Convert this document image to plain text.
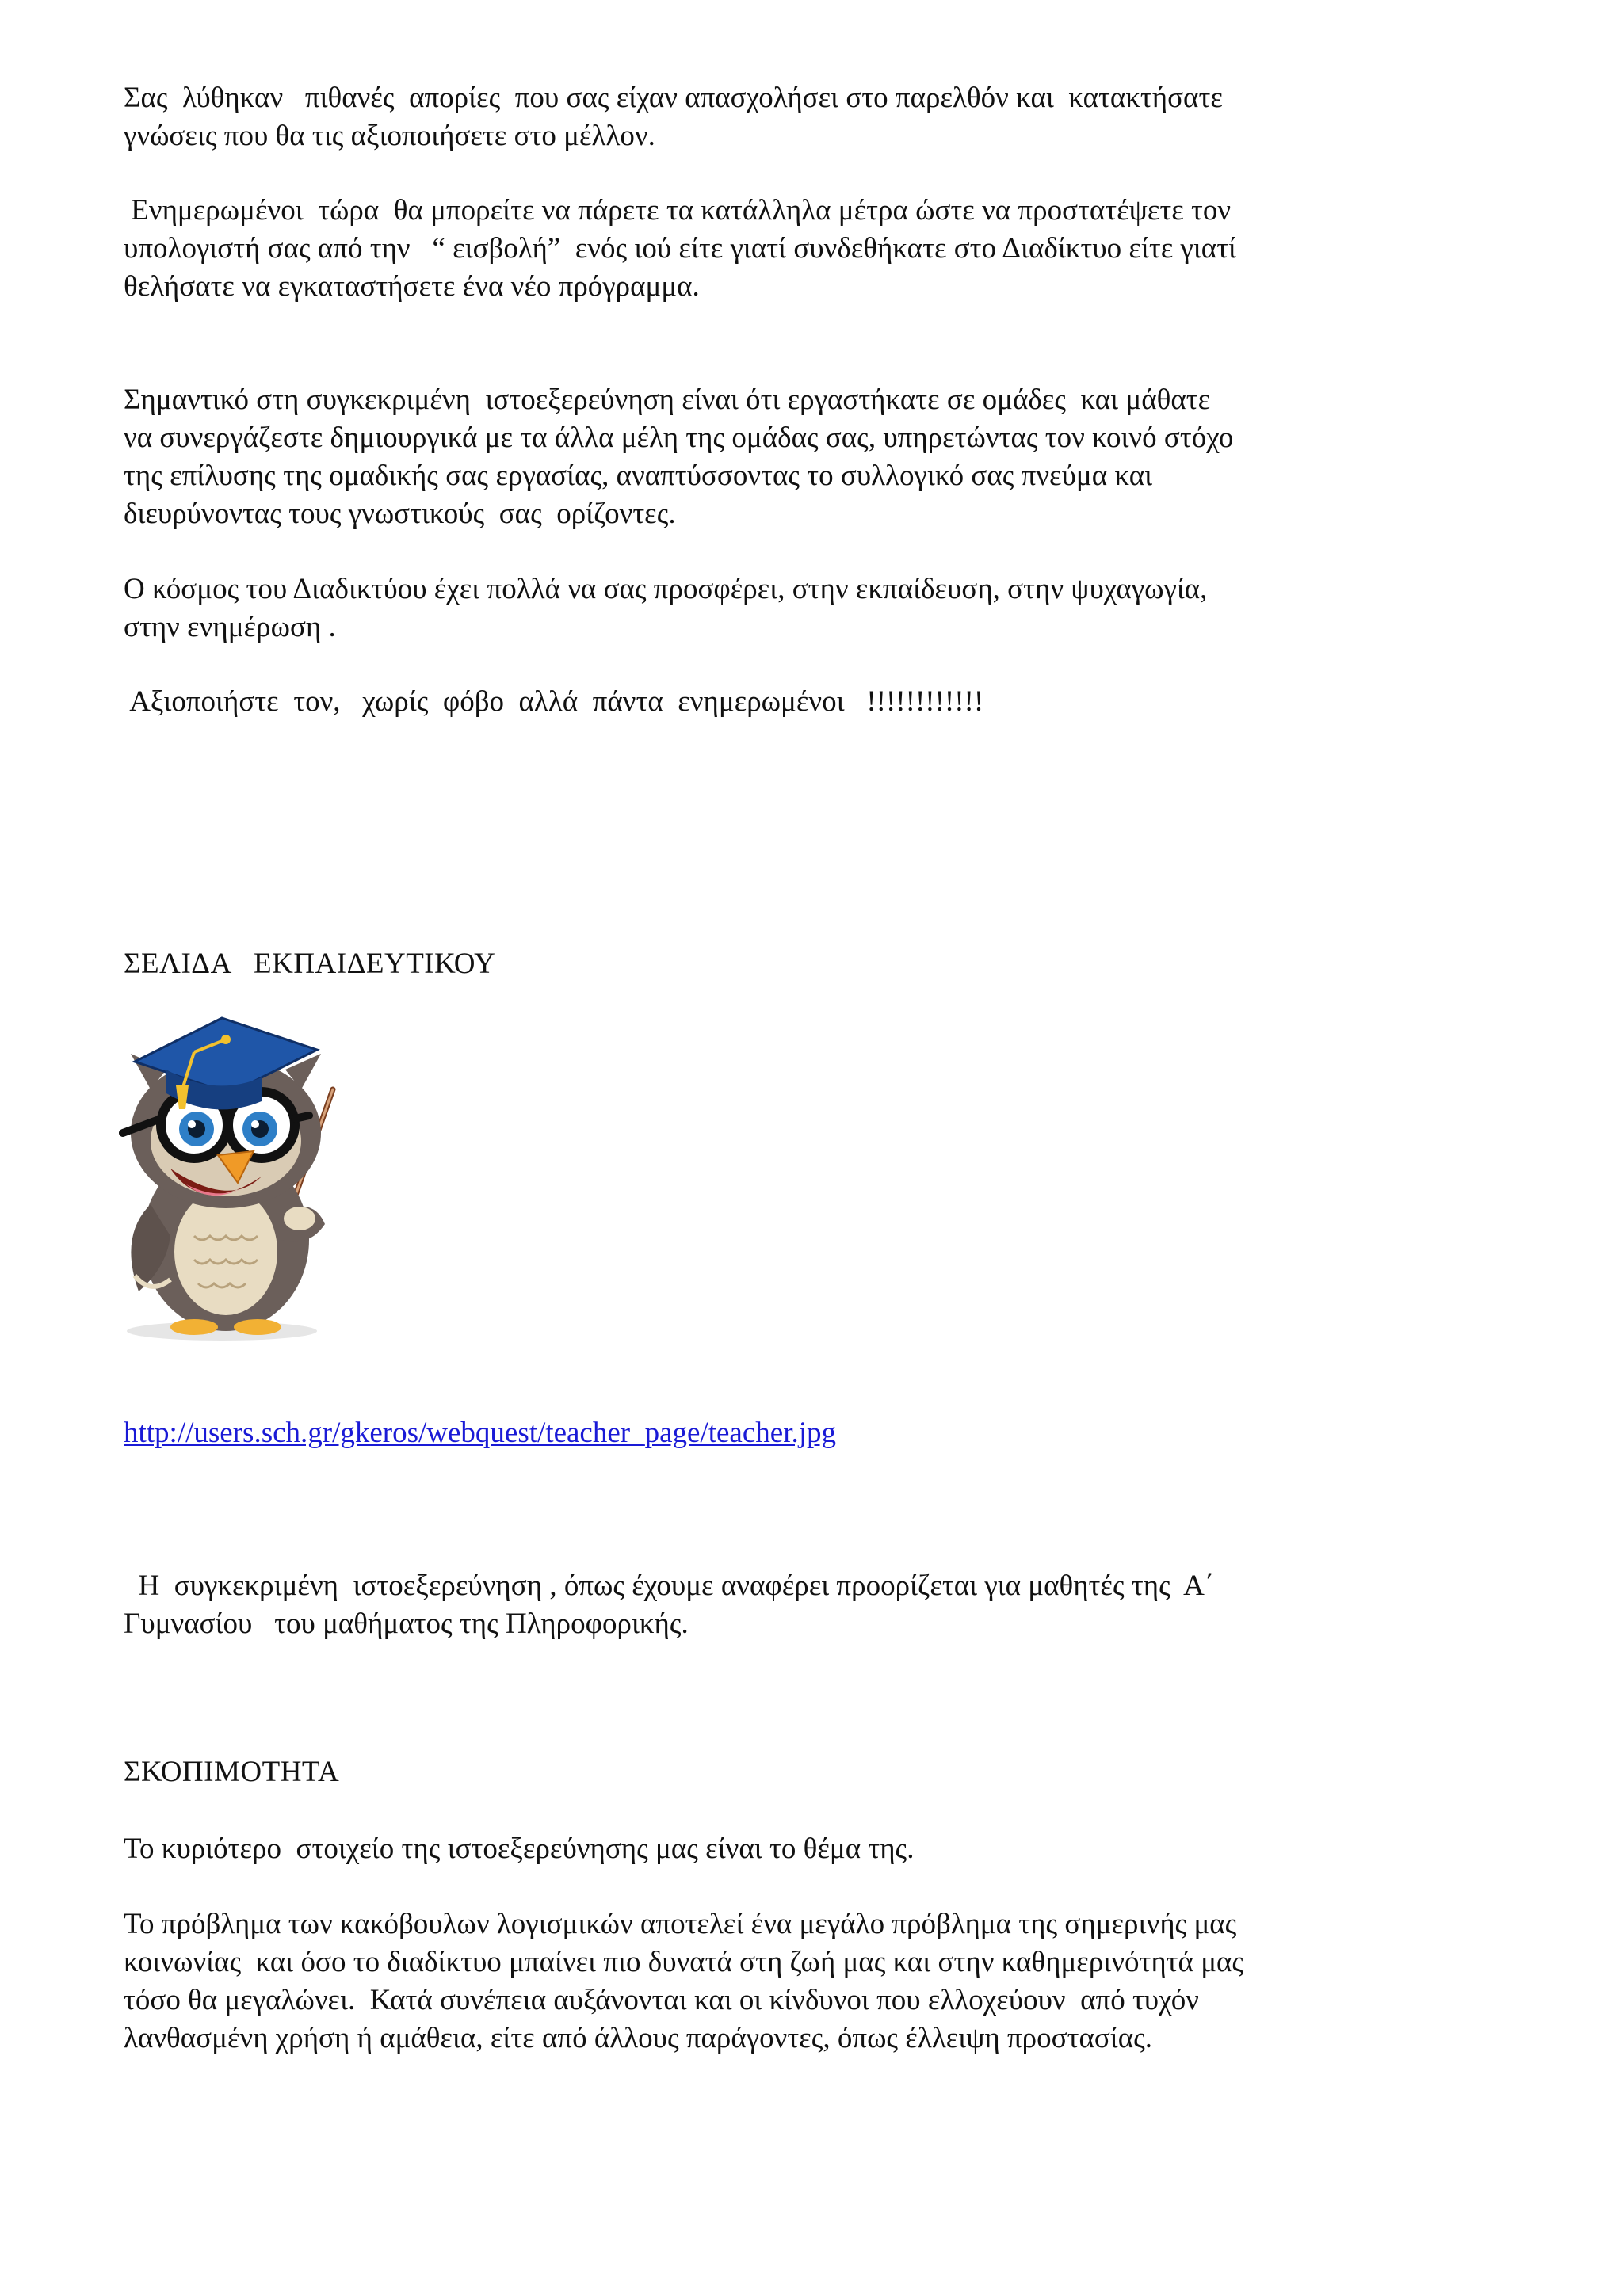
Σας  λύθηκαν   πιθανές  απορίες  που σας είχαν απασχολήσει στο παρελθόν και  κατακτήσατε

γνώσεις που θα τις αξιοποιήσετε στο μέλλον.

Ενημερωμένοι  τώρα  θα μπορείτε να πάρετε τα κατάλληλα μέτρα ώστε να προστατέψετε τον

υπολογιστή σας από την   “ εισβολή”  ενός ιού είτε γιατί συνδεθήκατε στο Διαδίκτυο είτε γιατί

θελήσατε να εγκαταστήσετε ένα νέο πρόγραμμα.

Σημαντικό στη συγκεκριμένη  ιστοεξερεύνηση είναι ότι εργαστήκατε σε ομάδες  και μάθατε

να συνεργάζεστε δημιουργικά με τα άλλα μέλη της ομάδας σας, υπηρετώντας τον κοινό στόχο

της επίλυσης της ομαδικής σας εργασίας, αναπτύσσοντας το συλλογικό σας πνεύμα και

διευρύνοντας τους γνωστικούς  σας  ορίζοντες.

Ο κόσμος του Διαδικτύου έχει πολλά να σας προσφέρει, στην εκπαίδευση, στην ψυχαγωγία,

στην ενημέρωση .

Αξιοποιήστε  τον,   χωρίς  φόβο  αλλά  πάντα  ενημερωμένοι   !!!!!!!!!!!!

ΣΕΛΙΔΑ   ΕΚΠΑΙΔΕΥΤΙΚΟΥ
http://users.sch.gr/gkeros/webquest/teacher_page/teacher.jpg

Η  συγκεκριμένη  ιστοεξερεύνηση , όπως έχουμε αναφέρει προορίζεται για μαθητές της  Α΄

Γυμνασίου   του μαθήματος της Πληροφορικής.

ΣΚΟΠΙΜΟΤΗΤΑ

Το κυριότερο  στοιχείο της ιστοεξερεύνησης μας είναι το θέμα της.

Το πρόβλημα των κακόβουλων λογισμικών αποτελεί ένα μεγάλο πρόβλημα της σημερινής μας

κοινωνίας  και όσο το διαδίκτυο μπαίνει πιο δυνατά στη ζωή μας και στην καθημερινότητά μας

τόσο θα μεγαλώνει.  Κατά συνέπεια αυξάνονται και οι κίνδυνοι που ελλοχεύουν  από τυχόν

λανθασμένη χρήση ή αμάθεια, είτε από άλλους παράγοντες, όπως έλλειψη προστασίας.
